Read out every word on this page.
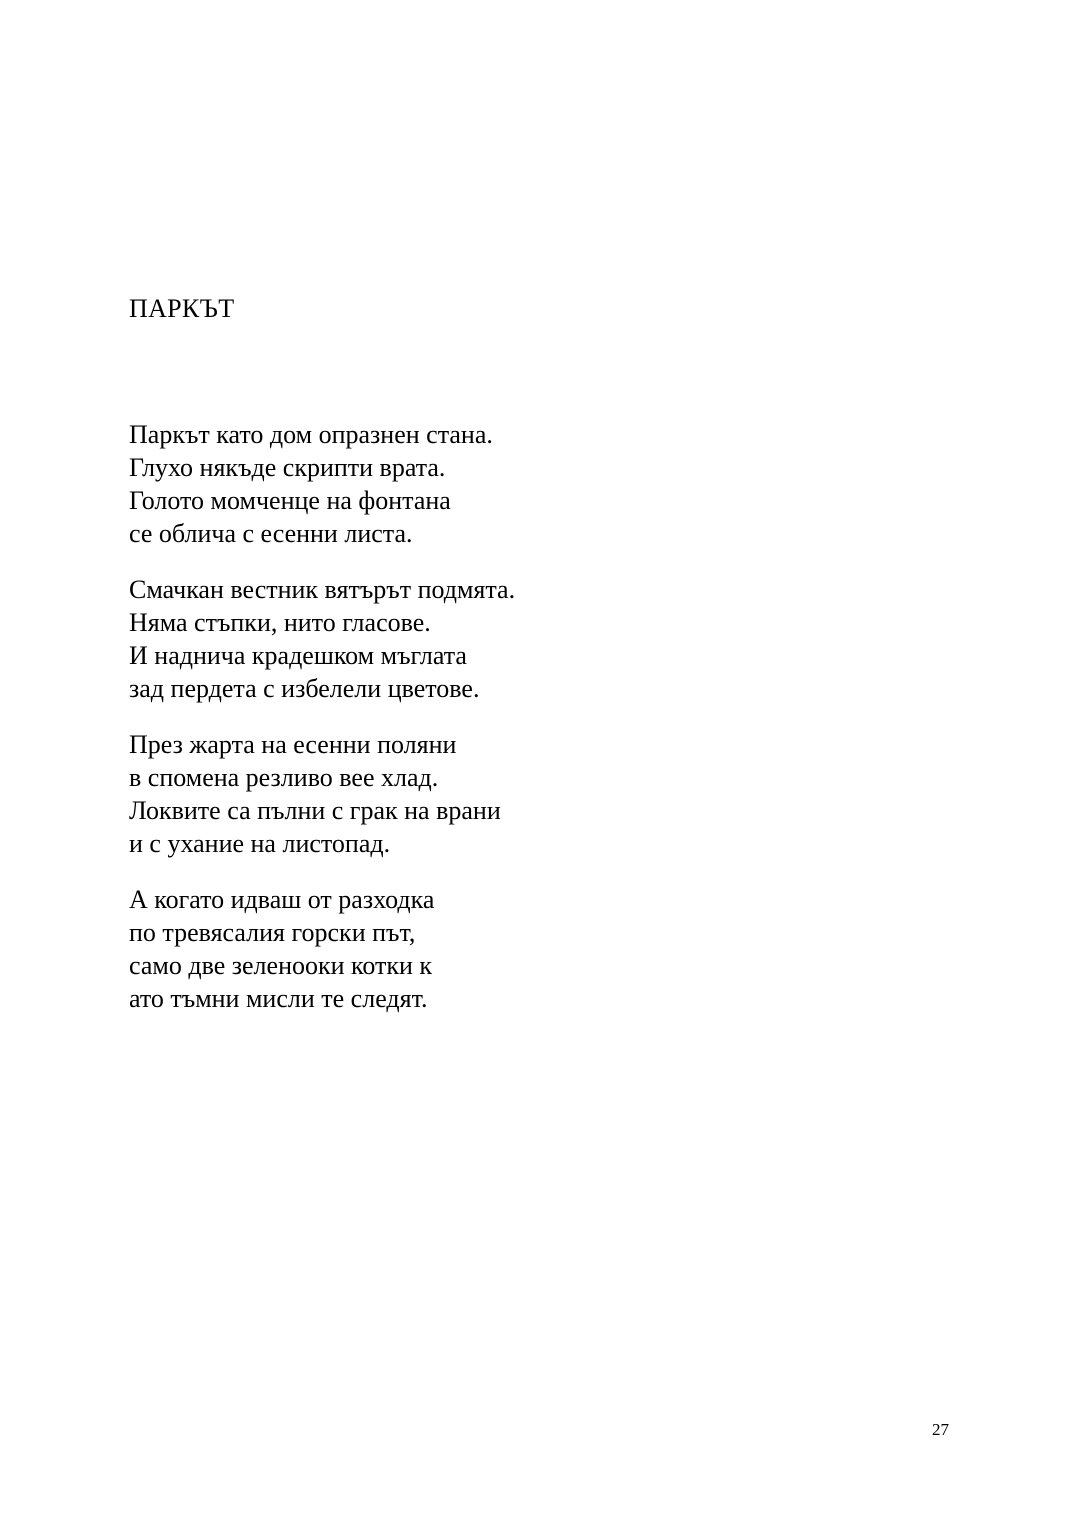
ПАРКЪТ
Паркът като дом опразнен стана.
Глухо някъде скрипти врата.
Голото момченце на фонтана
се облича с есенни листа.
Смачкан вестник вятърът подмята.
Няма стъпки, нито гласове.
И наднича крадешком мъглата
зад пердета с избелели цветове.
През жарта на есенни поляни
в спомена резливо вее хлад.
Локвите са пълни с грак на врани
и с ухание на листопад.
А когато идваш от разходка
по тревясалия горски път,
само две зеленооки котки к
ато тъмни мисли те следят.
27
